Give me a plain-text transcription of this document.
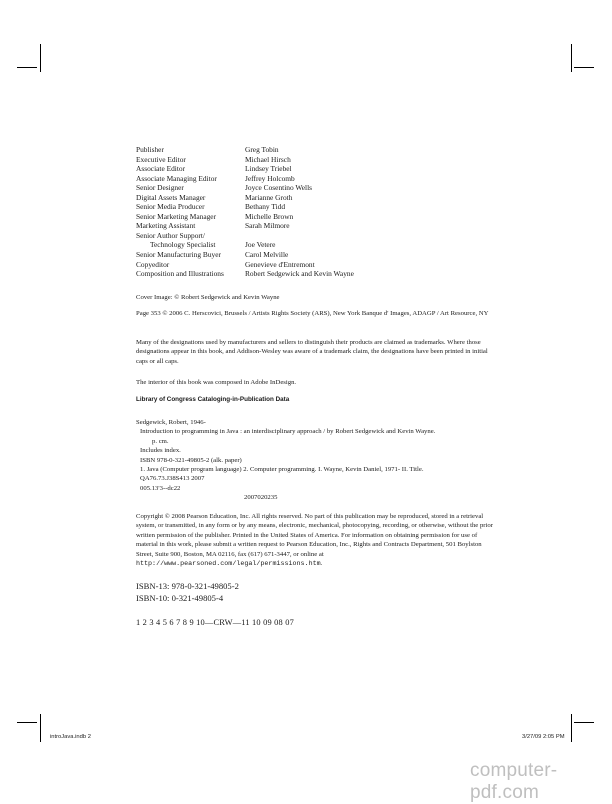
Publisher	Greg Tobin
Executive Editor	Michael Hirsch
Associate Editor	Lindsey Triebel
Associate Managing Editor	Jeffrey Holcomb
Senior Designer	Joyce Cosentino Wells
Digital Assets Manager	Marianne Groth
Senior Media Producer	Bethany Tidd
Senior Marketing Manager	Michelle Brown
Marketing Assistant	Sarah Milmore
Senior Author Support/
Technology Specialist	Joe Vetere
Senior Manufacturing Buyer	Carol Melville
Copyeditor	Genevieve d'Entremont
Composition and Illustrations	Robert Sedgewick and Kevin Wayne

Cover Image: © Robert Sedgewick and Kevin Wayne

Page 353 © 2006 C. Herscovici, Brussels / Artists Rights Society (ARS), New York Banque d' Images, ADAGP / Art Resource, NY

Many of the designations used by manufacturers and sellers to distinguish their products are claimed as trademarks. Where those designations appear in this book, and Addison-Wesley was aware of a trademark claim, the designations have been printed in initial caps or all caps.

The interior of this book was composed in Adobe InDesign.

Library of Congress Cataloging-in-Publication Data

Sedgewick, Robert, 1946-

Introduction to programming in Java : an interdisciplinary approach / by Robert Sedgewick and Kevin Wayne.

p. cm.

Includes index.

ISBN 978-0-321-49805-2 (alk. paper)

1. Java (Computer program language) 2. Computer programming. I. Wayne, Kevin Daniel, 1971- II. Title.

QA76.73.J38S413 2007

005.13'3--dc22

2007020235

Copyright © 2008 Pearson Education, Inc. All rights reserved. No part of this publication may be reproduced, stored in a retrieval system, or transmitted, in any form or by any means, electronic, mechanical, photocopying, recording, or otherwise, without the prior written permission of the publisher. Printed in the United States of America. For information on obtaining permission for use of material in this work, please submit a written request to Pearson Education, Inc., Rights and Contracts Department, 501 Boylston Street, Suite 900, Boston, MA 02116, fax (617) 671-3447, or online at http://www.pearsoned.com/legal/permissions.htm.

ISBN-13: 978-0-321-49805-2
ISBN-10: 0-321-49805-4
1 2 3 4 5 6 7 8 9 10—CRW—11 10 09 08 07
introJava.indb 2	3/27/09 2:05 PM
computer-pdf.com
